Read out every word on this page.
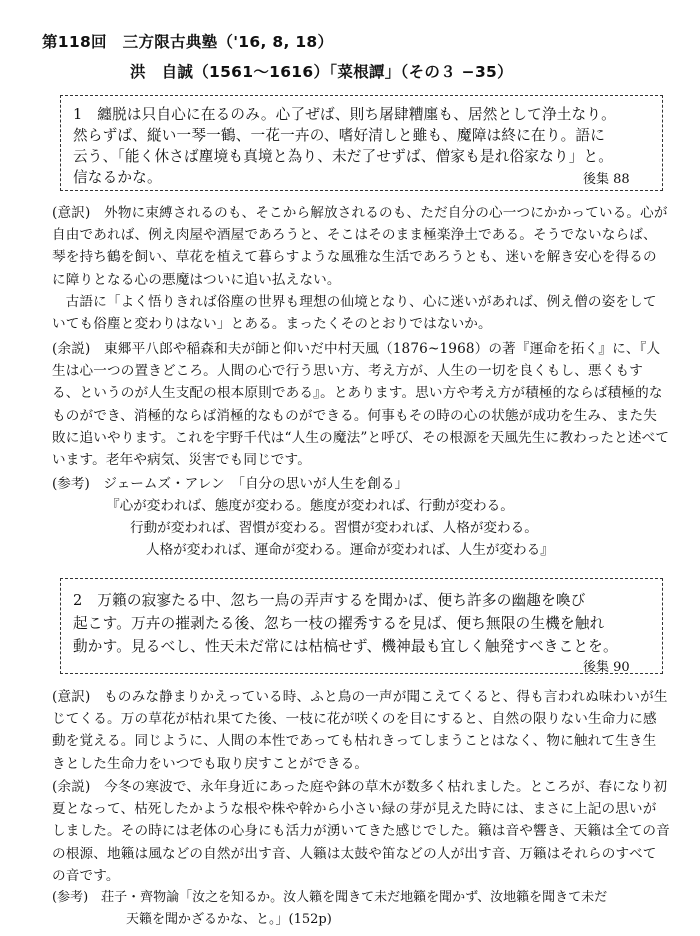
第118回　三方限古典塾（'16, 8, 18）
洪　自誠（1561〜1616）「菜根譚」（その３ −35）
1　纏脱は只自心に在るのみ。心了ぜば、則ち屠肆糟廛も、居然として浄土なり。
然らずば、縦い一琴一鶴、一花一卉の、嗜好清しと雖も、魔障は終に在り。語に
云う、「能く休さば塵境も真境と為り、未だ了せずば、僧家も是れ俗家なり」と。
信なるかな。	後集 88

(意訳)　外物に束縛されるのも、そこから解放されるのも、ただ自分の心一つにかかっている。心が自由であれば、例え肉屋や酒屋であろうと、そこはそのまま極楽浄土である。そうでないならば、琴を持ち鶴を飼い、草花を植えて暮らすような風雅な生活であろうとも、迷いを解き安心を得るのに障りとなる心の悪魔はついに追い払えない。

古語に「よく悟りきれば俗塵の世界も理想の仙境となり、心に迷いがあれば、例え僧の姿をしていても俗塵と変わりはない」とある。まったくそのとおりではないか。

(余説)　東郷平八郎や稲森和夫が師と仰いだ中村天風（1876~1968）の著『運命を拓く』に、『人生は心一つの置きどころ。人間の心で行う思い方、考え方が、人生の一切を良くもし、悪くもする、というのが人生支配の根本原則である』。とあります。思い方や考え方が積極的ならば積極的なものができ、消極的ならば消極的なものができる。何事もその時の心の状態が成功を生み、また失敗に追いやります。これを宇野千代は“人生の魔法”と呼び、その根源を天風先生に教わったと述べています。老年や病気、災害でも同じです。

(参考)　ジェームズ・アレン　「自分の思いが人生を創る」
『心が変われば、態度が変わる。態度が変われば、行動が変わる。
行動が変われば、習慣が変わる。習慣が変われば、人格が変わる。
人格が変われば、運命が変わる。運命が変われば、人生が変わる』
2　万籟の寂寥たる中、忽ち一鳥の弄声するを聞かば、便ち許多の幽趣を喚び
起こす。万卉の摧剥たる後、忽ち一枝の擢秀するを見ば、便ち無限の生機を触れ
動かす。見るべし、性天未だ常には枯槁せず、機神最も宜しく触発すべきことを。
後集 90

(意訳)　ものみな静まりかえっている時、ふと鳥の一声が聞こえてくると、得も言われぬ味わいが生じてくる。万の草花が枯れ果てた後、一枝に花が咲くのを目にすると、自然の限りない生命力に感動を覚える。同じように、人間の本性であっても枯れきってしまうことはなく、物に触れて生き生きとした生命力をいつでも取り戻すことができる。

(余説)　今冬の寒波で、永年身近にあった庭や鉢の草木が数多く枯れました。ところが、春になり初夏となって、枯死したかような根や株や幹から小さい緑の芽が見えた時には、まさに上記の思いがしました。その時には老体の心身にも活力が湧いてきた感じでした。籟は音や響き、天籟は全ての音の根源、地籟は風などの自然が出す音、人籟は太鼓や笛などの人が出す音、万籟はそれらのすべての音です。

(参考)　荘子・齊物論「汝之を知るか。汝人籟を聞きて未だ地籟を聞かず、汝地籟を聞きて未だ
天籟を聞かざるかな、と。」(152p)
